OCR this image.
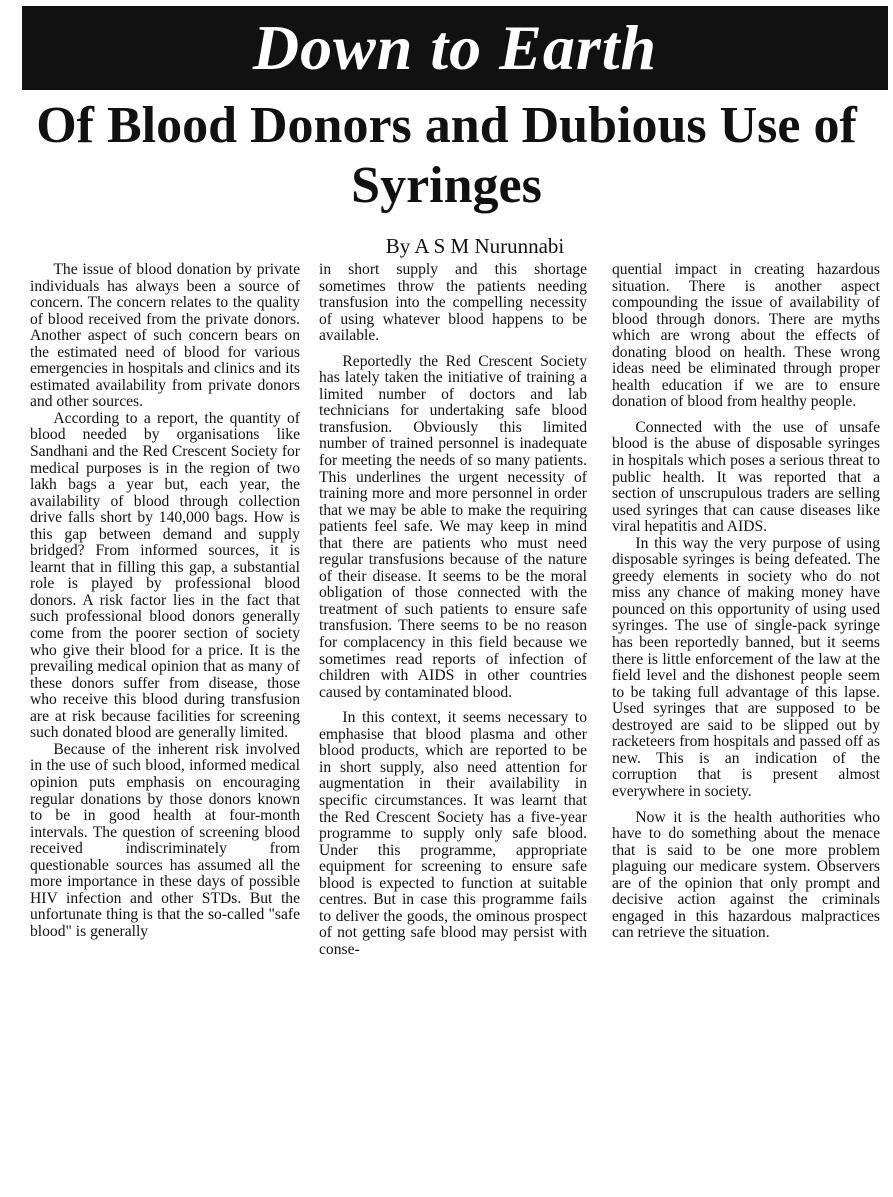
Down to Earth
Of Blood Donors and Dubious Use of Syringes
By A S M Nurunnabi

The issue of blood donation by private individuals has always been a source of concern. The concern relates to the quality of blood received from the private donors. Another aspect of such concern bears on the estimated need of blood for various emergencies in hospitals and clinics and its estimated availability from private donors and other sources.

According to a report, the quantity of blood needed by organisations like Sandhani and the Red Crescent Society for medical purposes is in the region of two lakh bags a year but, each year, the availability of blood through collection drive falls short by 140,000 bags. How is this gap between demand and supply bridged? From informed sources, it is learnt that in filling this gap, a substantial role is played by professional blood donors. A risk factor lies in the fact that such professional blood donors generally come from the poorer section of society who give their blood for a price. It is the prevailing medical opinion that as many of these donors suffer from disease, those who receive this blood during transfusion are at risk because facilities for screening such donated blood are generally limited.

Because of the inherent risk involved in the use of such blood, informed medical opinion puts emphasis on encouraging regular donations by those donors known to be in good health at four-month intervals. The question of screening blood received indiscriminately from questionable sources has assumed all the more importance in these days of possible HIV infection and other STDs. But the unfortunate thing is that the so-called "safe blood" is generally

in short supply and this shortage sometimes throw the patients needing transfusion into the compelling necessity of using whatever blood happens to be available.

Reportedly the Red Crescent Society has lately taken the initiative of training a limited number of doctors and lab technicians for undertaking safe blood transfusion. Obviously this limited number of trained personnel is inadequate for meeting the needs of so many patients. This underlines the urgent necessity of training more and more personnel in order that we may be able to make the requiring patients feel safe. We may keep in mind that there are patients who must need regular transfusions because of the nature of their disease. It seems to be the moral obligation of those connected with the treatment of such patients to ensure safe transfusion. There seems to be no reason for complacency in this field because we sometimes read reports of infection of children with AIDS in other countries caused by contaminated blood.

In this context, it seems necessary to emphasise that blood plasma and other blood products, which are reported to be in short supply, also need attention for augmentation in their availability in specific circumstances. It was learnt that the Red Crescent Society has a five-year programme to supply only safe blood. Under this programme, appropriate equipment for screening to ensure safe blood is expected to function at suitable centres. But in case this programme fails to deliver the goods, the ominous prospect of not getting safe blood may persist with conse-

quential impact in creating hazardous situation. There is another aspect compounding the issue of availability of blood through donors. There are myths which are wrong about the effects of donating blood on health. These wrong ideas need be eliminated through proper health education if we are to ensure donation of blood from healthy people.

Connected with the use of unsafe blood is the abuse of disposable syringes in hospitals which poses a serious threat to public health. It was reported that a section of unscrupulous traders are selling used syringes that can cause diseases like viral hepatitis and AIDS.

In this way the very purpose of using disposable syringes is being defeated. The greedy elements in society who do not miss any chance of making money have pounced on this opportunity of using used syringes. The use of single-pack syringe has been reportedly banned, but it seems there is little enforcement of the law at the field level and the dishonest people seem to be taking full advantage of this lapse. Used syringes that are supposed to be destroyed are said to be slipped out by racketeers from hospitals and passed off as new. This is an indication of the corruption that is present almost everywhere in society.

Now it is the health authorities who have to do something about the menace that is said to be one more problem plaguing our medicare system. Observers are of the opinion that only prompt and decisive action against the criminals engaged in this hazardous malpractices can retrieve the situation.
